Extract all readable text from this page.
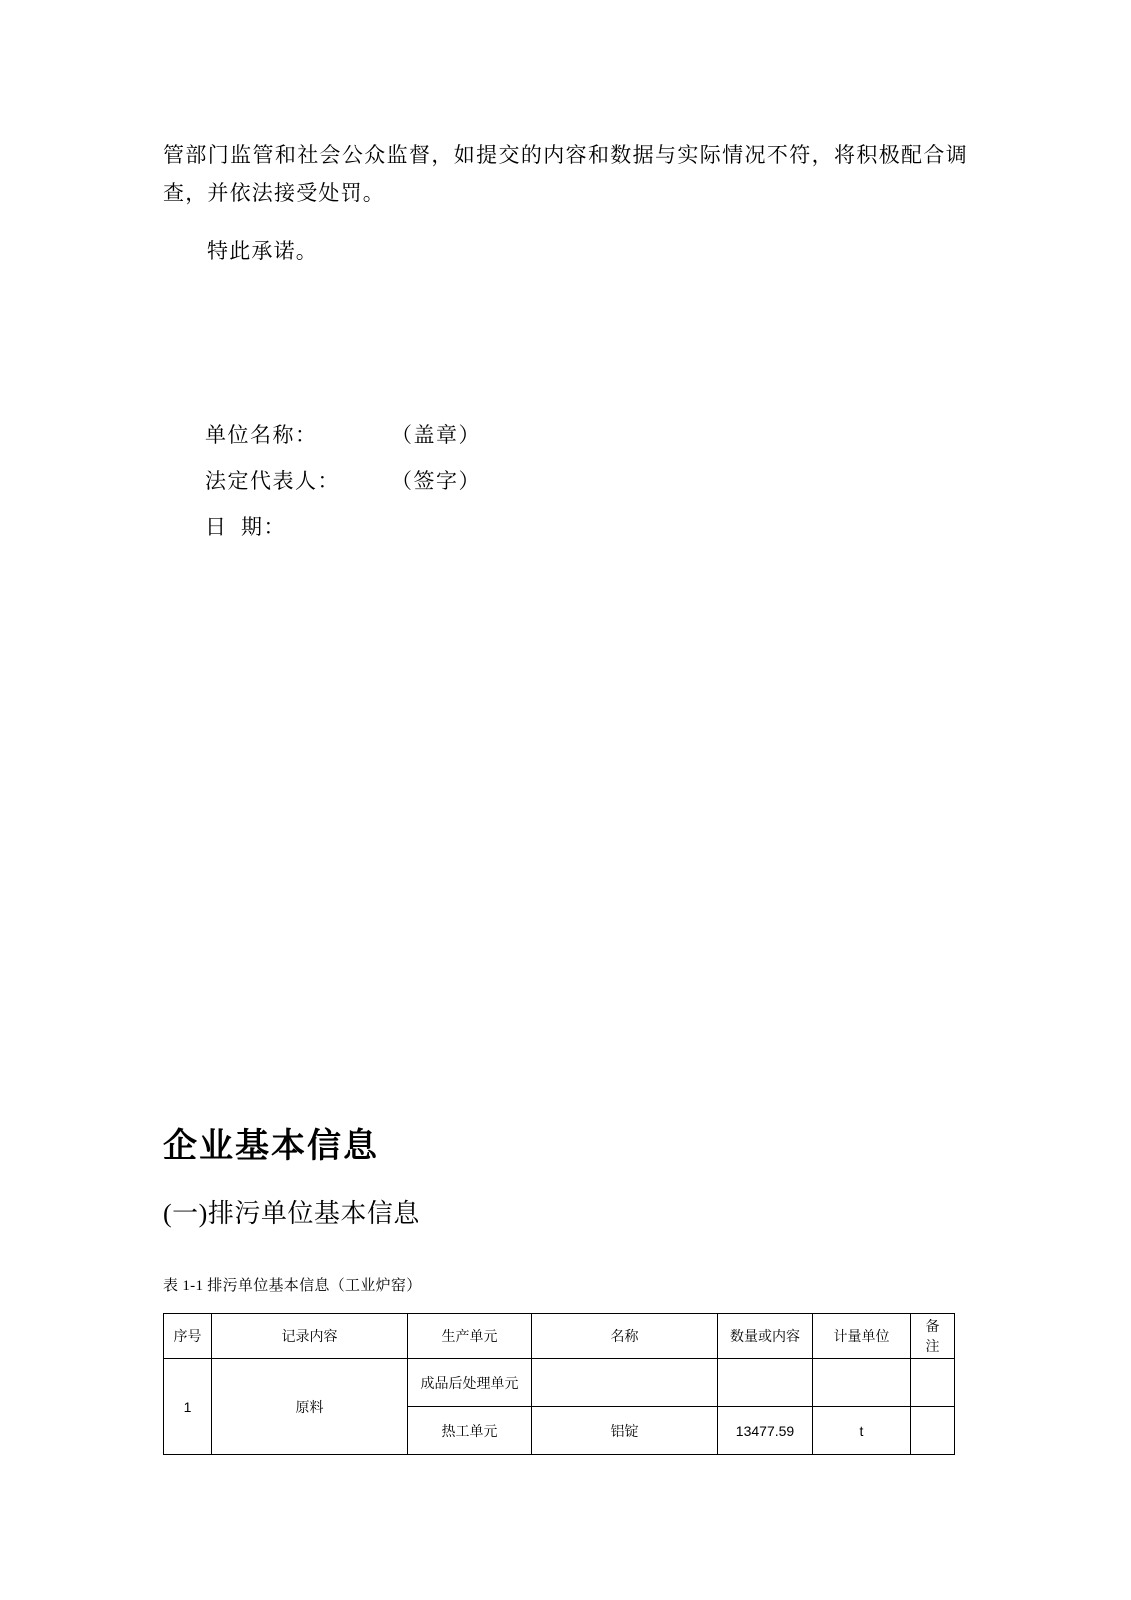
管部门监管和社会公众监督，如提交的内容和数据与实际情况不符，将积极配合调查，并依法接受处罚。

特此承诺。

单位名称：	（盖章）
法定代表人：	（签字）
日  期：
企业基本信息
(一)排污单位基本信息
表 1-1 排污单位基本信息（工业炉窑）
序号	记录内容	生产单元	名称	数量或内容	计量单位	备注
1	原料	成品后处理单元				
		热工单元	铝锭	13477.59	t	
